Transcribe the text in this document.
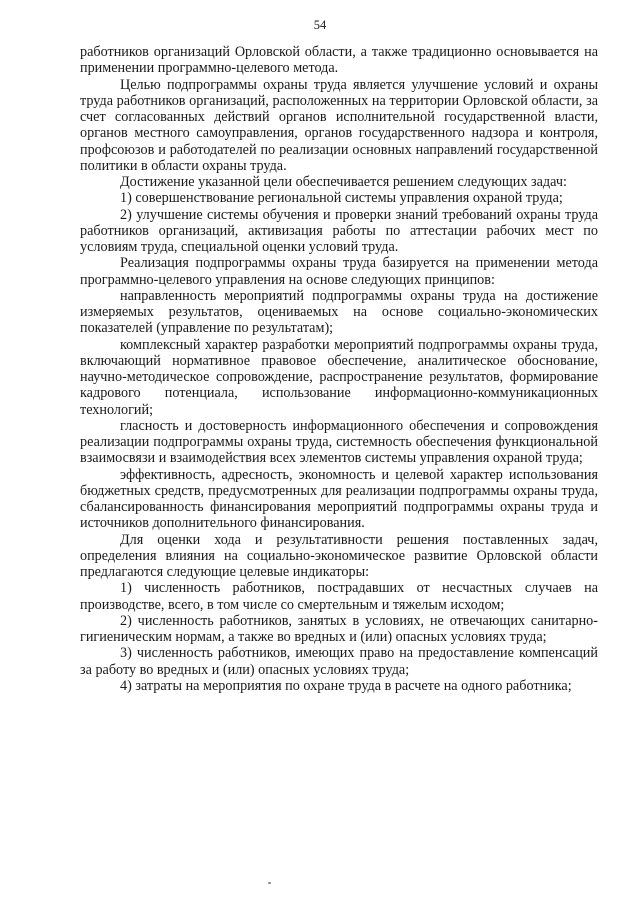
54

работников организаций Орловской области, а также традиционно основывается на применении программно-целевого метода.

Целью подпрограммы охраны труда является улучшение условий и охраны труда работников организаций, расположенных на территории Орловской области, за счет согласованных действий органов исполнительной государственной власти, органов местного самоуправления, органов государственного надзора и контроля, профсоюзов и работодателей по реализации основных направлений государственной политики в области охраны труда.

Достижение указанной цели обеспечивается решением следующих задач:

1) совершенствование региональной системы управления охраной труда;

2) улучшение системы обучения и проверки знаний требований охраны труда работников организаций, активизация работы по аттестации рабочих мест по условиям труда, специальной оценки условий труда.

Реализация подпрограммы охраны труда базируется на применении метода программно-целевого управления на основе следующих принципов:

направленность мероприятий подпрограммы охраны труда на достижение измеряемых результатов, оцениваемых на основе социально-экономических показателей (управление по результатам);

комплексный характер разработки мероприятий подпрограммы охраны труда, включающий нормативное правовое обеспечение, аналитическое обоснование, научно-методическое сопровождение, распространение результатов, формирование кадрового потенциала, использование информационно-коммуникационных технологий;

гласность и достоверность информационного обеспечения и сопровождения реализации подпрограммы охраны труда, системность обеспечения функциональной взаимосвязи и взаимодействия всех элементов системы управления охраной труда;

эффективность, адресность, экономность и целевой характер использования бюджетных средств, предусмотренных для реализации подпрограммы охраны труда, сбалансированность финансирования мероприятий подпрограммы охраны труда и источников дополнительного финансирования.

Для оценки хода и результативности решения поставленных задач, определения влияния на социально-экономическое развитие Орловской области предлагаются следующие целевые индикаторы:

1) численность работников, пострадавших от несчастных случаев на производстве, всего, в том числе со смертельным и тяжелым исходом;

2) численность работников, занятых в условиях, не отвечающих санитарно-гигиеническим нормам, а также во вредных и (или) опасных условиях труда;

3) численность работников, имеющих право на предоставление компенсаций за работу во вредных и (или) опасных условиях труда;

4) затраты на мероприятия по охране труда в расчете на одного работника;
